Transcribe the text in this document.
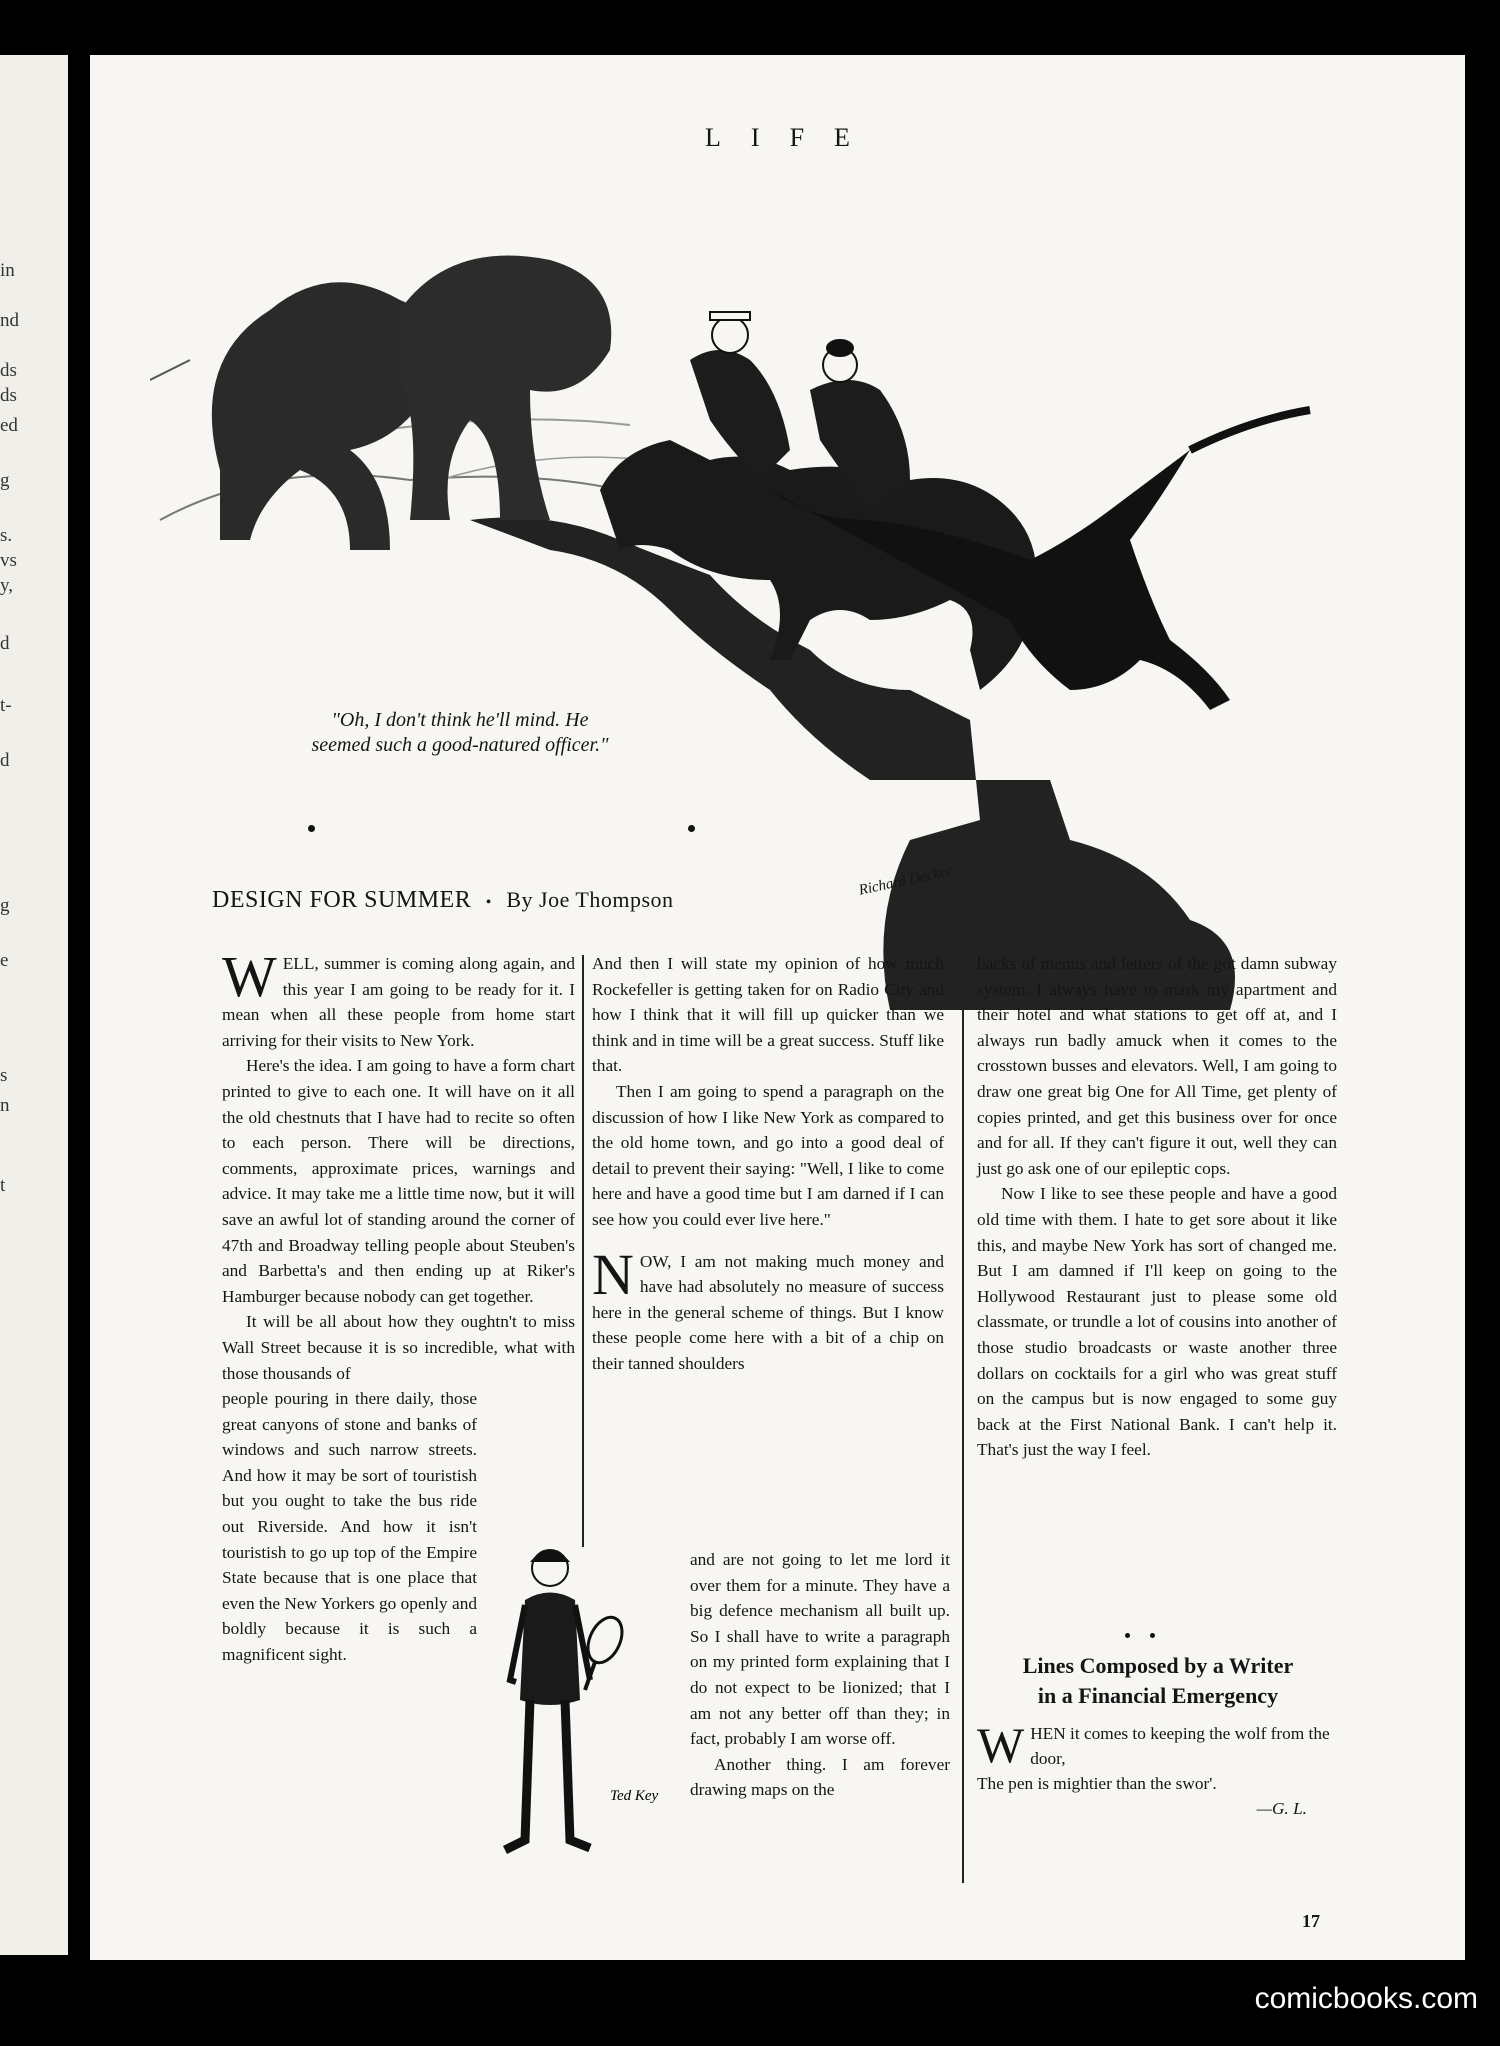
in
nd
ds
ds
ed
g
s.
vs
y,
d
t-
d
g
e
s
n
t
LIFE
"Oh, I don't think he'll mind. He
seemed such a good-natured officer."
Richard Decker
DESIGN FOR SUMMER • By Joe Thompson

WELL, summer is coming along again, and this year I am going to be ready for it. I mean when all these people from home start arriving for their visits to New York.

Here's the idea. I am going to have a form chart printed to give to each one. It will have on it all the old chestnuts that I have had to recite so often to each person. There will be directions, comments, approximate prices, warnings and advice. It may take me a little time now, but it will save an awful lot of standing around the corner of 47th and Broadway telling people about Steuben's and Barbetta's and then ending up at Riker's Hamburger because nobody can get together.

It will be all about how they oughtn't to miss Wall Street because it is so incredible, what with those thousands of

people pouring in there daily, those great canyons of stone and banks of windows and such narrow streets. And how it may be sort of touristish but you ought to take the bus ride out Riverside. And how it isn't touristish to go up top of the Empire State because that is one place that even the New Yorkers go openly and boldly because it is such a magnificent sight.

And then I will state my opinion of how much Rockefeller is getting taken for on Radio City and how I think that it will fill up quicker than we think and in time will be a great success. Stuff like that.

Then I am going to spend a paragraph on the discussion of how I like New York as compared to the old home town, and go into a good deal of detail to prevent their saying: "Well, I like to come here and have a good time but I am darned if I can see how you could ever live here."

NOW, I am not making much money and have had absolutely no measure of success here in the general scheme of things. But I know these people come here with a bit of a chip on their tanned shoulders

and are not going to let me lord it over them for a minute. They have a big defence mechanism all built up. So I shall have to write a paragraph on my printed form explaining that I do not expect to be lionized; that I am not any better off than they; in fact, probably I am worse off.

Another thing. I am forever drawing maps on the

Ted Key

backs of menus and letters of the got damn subway system. I always have to mark my apartment and their hotel and what stations to get off at, and I always run badly amuck when it comes to the crosstown busses and elevators. Well, I am going to draw one great big One for All Time, get plenty of copies printed, and get this business over for once and for all. If they can't figure it out, well they can just go ask one of our epileptic cops.

Now I like to see these people and have a good old time with them. I hate to get sore about it like this, and maybe New York has sort of changed me. But I am damned if I'll keep on going to the Hollywood Restaurant just to please some old classmate, or trundle a lot of cousins into another of those studio broadcasts or waste another three dollars on cocktails for a girl who was great stuff on the campus but is now engaged to some guy back at the First National Bank. I can't help it. That's just the way I feel.

Lines Composed by a Writer
in a Financial Emergency
WHEN it comes to keeping the wolf from the door,
The pen is mightier than the swor'.
—G. L.
17
comicbooks.com
